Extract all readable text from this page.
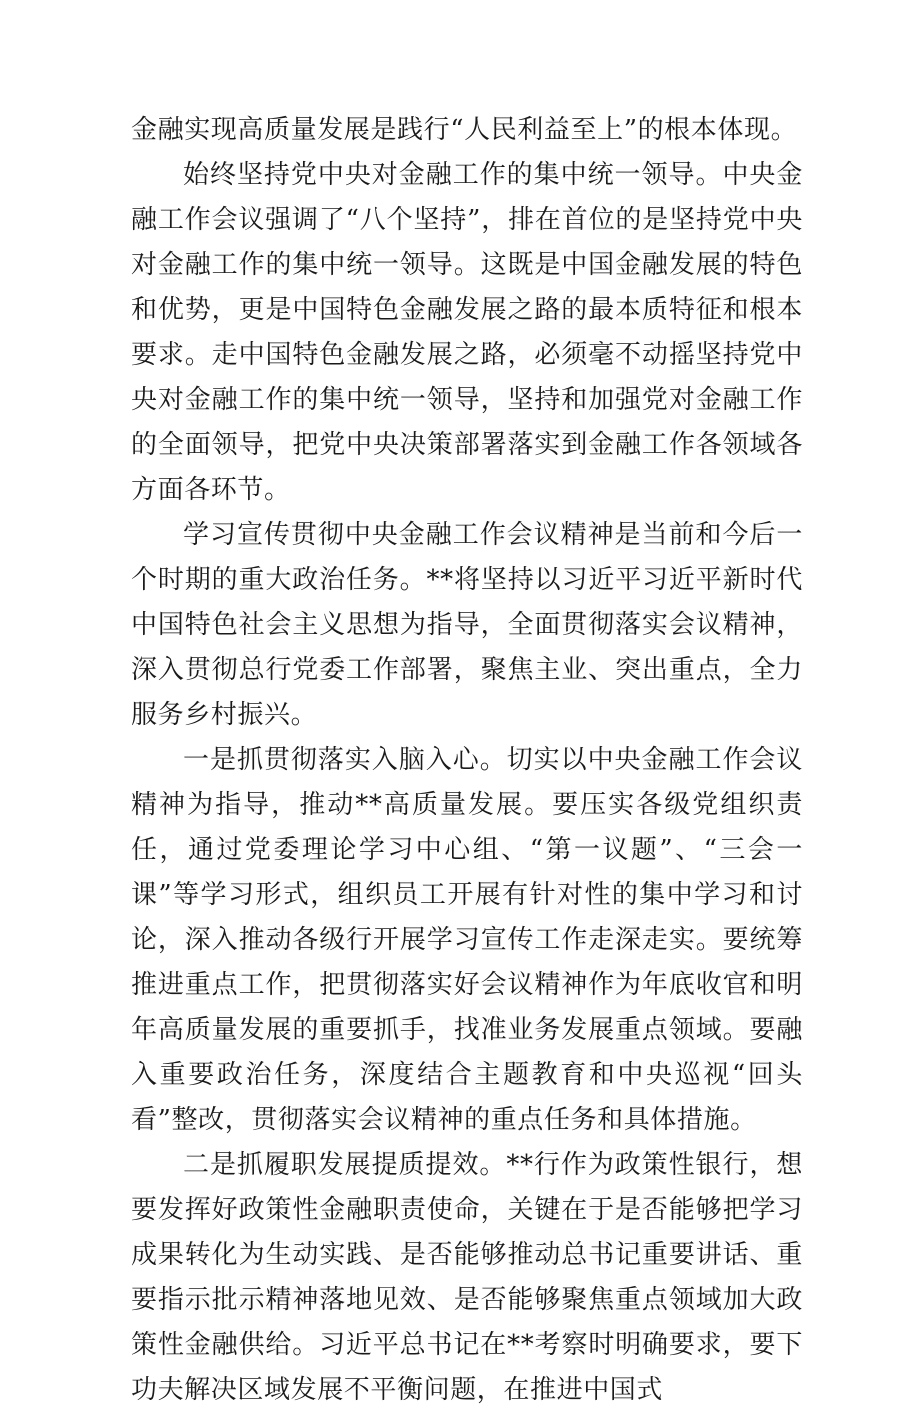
金融实现高质量发展是践行“人民利益至上”的根本体现。

始终坚持党中央对金融工作的集中统一领导。中央金融工作会议强调了“八个坚持”，排在首位的是坚持党中央对金融工作的集中统一领导。这既是中国金融发展的特色和优势，更是中国特色金融发展之路的最本质特征和根本要求。走中国特色金融发展之路，必须毫不动摇坚持党中央对金融工作的集中统一领导，坚持和加强党对金融工作的全面领导，把党中央决策部署落实到金融工作各领域各方面各环节。

学习宣传贯彻中央金融工作会议精神是当前和今后一个时期的重大政治任务。**将坚持以习近平习近平新时代中国特色社会主义思想为指导，全面贯彻落实会议精神，深入贯彻总行党委工作部署，聚焦主业、突出重点，全力服务乡村振兴。

一是抓贯彻落实入脑入心。切实以中央金融工作会议精神为指导，推动**高质量发展。要压实各级党组织责任，通过党委理论学习中心组、“第一议题”、“三会一课”等学习形式，组织员工开展有针对性的集中学习和讨论，深入推动各级行开展学习宣传工作走深走实。要统筹推进重点工作，把贯彻落实好会议精神作为年底收官和明年高质量发展的重要抓手，找准业务发展重点领域。要融入重要政治任务，深度结合主题教育和中央巡视“回头看”整改，贯彻落实会议精神的重点任务和具体措施。

二是抓履职发展提质提效。**行作为政策性银行，想要发挥好政策性金融职责使命，关键在于是否能够把学习成果转化为生动实践、是否能够推动总书记重要讲话、重要指示批示精神落地见效、是否能够聚焦重点领域加大政策性金融供给。习近平总书记在**考察时明确要求，要下功夫解决区域发展不平衡问题，在推进中国式
